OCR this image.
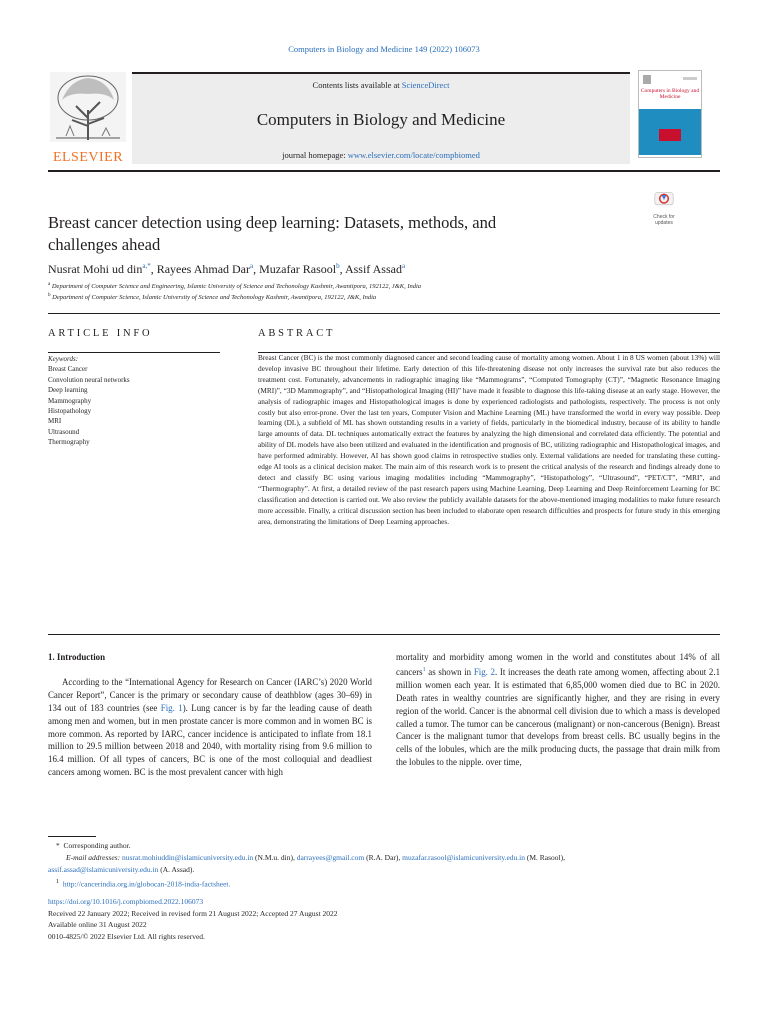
Computers in Biology and Medicine 149 (2022) 106073
ELSEVIER
Contents lists available at ScienceDirect
Computers in Biology and Medicine
journal homepage: www.elsevier.com/locate/compbiomed
Computers in Biology and Medicine
Breast cancer detection using deep learning: Datasets, methods, and
challenges ahead
Check for updates
Nusrat Mohi ud din$^{a,*}$, Rayees Ahmad Dar$^a$, Muzafar Rasool$^b$, Assif Assad$^a$
$^a$ Department of Computer Science and Engineering, Islamic University of Science and Techonology Kashmir, Awantipora, 192122, J&K, India
$^b$ Department of Computer Science, Islamic University of Science and Techonology Kashmir, Awantipora, 192122, J&K, India
ARTICLE INFO	ABSTRACT
Keywords:
Breast Cancer
Convolution neural networks
Deep learning
Mammography
Histopathology
MRI
Ultrasound
Thermography
Breast Cancer (BC) is the most commonly diagnosed cancer and second leading cause of mortality among women. About 1 in 8 US women (about 13%) will develop invasive BC throughout their lifetime. Early detection of this life-threatening disease not only increases the survival rate but also reduces the treatment cost. Fortunately, advancements in radiographic imaging like “Mammograms”, “Computed Tomography (CT)”, “Magnetic Resonance Imaging (MRI)”, “3D Mammography”, and “Histopathological Imaging (HI)” have made it feasible to diagnose this life-taking disease at an early stage. However, the analysis of radiographic images and Histopathological images is done by experienced radiologists and pathologists, respectively. The process is not only costly but also error-prone. Over the last ten years, Computer Vision and Machine Learning (ML) have transformed the world in every way possible. Deep learning (DL), a subfield of ML has shown outstanding results in a variety of fields, particularly in the biomedical industry, because of its ability to handle large amounts of data. DL techniques automatically extract the features by analyzing the high dimensional and correlated data efficiently. The potential and ability of DL models have also been utilized and evaluated in the identification and prognosis of BC, utilizing radiographic and Histopathological images, and have performed admirably. However, AI has shown good claims in retrospective studies only. External validations are needed for translating these cutting-edge AI tools as a clinical decision maker. The main aim of this research work is to present the critical analysis of the research and findings already done to detect and classify BC using various imaging modalities including “Mammography”, “Histopathology”, “Ultrasound”, “PET/CT”, “MRI”, and “Thermography”. At first, a detailed review of the past research papers using Machine Learning, Deep Learning and Deep Reinforcement Learning for BC classification and detection is carried out. We also review the publicly available datasets for the above-mentioned imaging modalities to make future research more accessible. Finally, a critical discussion section has been included to elaborate open research difficulties and prospects for future study in this emerging area, demonstrating the limitations of Deep Learning approaches.
1. Introduction

According to the “International Agency for Research on Cancer (IARC’s) 2020 World Cancer Report”, Cancer is the primary or secondary cause of deathblow (ages 30–69) in 134 out of 183 countries (see Fig. 1). Lung cancer is by far the leading cause of death among men and women, but in men prostate cancer is more common and in women BC is more common. As reported by IARC, cancer incidence is anticipated to inflate from 18.1 million to 29.5 million between 2018 and 2040, with mortality rising from 9.6 million to 16.4 million. Of all types of cancers, BC is one of the most colloquial and deadliest cancers among women. BC is the most prevalent cancer with high

mortality and morbidity among women in the world and constitutes about 14% of all cancers$^1$ as shown in Fig. 2. It increases the death rate among women, affecting about 2.1 million women each year. It is estimated that 6,85,000 women died due to BC in 2020. Death rates in wealthy countries are significantly higher, and they are rising in every region of the world. Cancer is the abnormal cell division due to which a mass is developed called a tumor. The tumor can be cancerous (malignant) or non-cancerous (Benign). Breast Cancer is the malignant tumor that develops from breast cells. BC usually begins in the cells of the lobules, which are the milk producing ducts, the passage that drain milk from the lobules to the nipple. over time,

* Corresponding author.
E-mail addresses: nusrat.mohiuddin@islamicuniversity.edu.in (N.M.u. din), darrayees@gmail.com (R.A. Dar), muzafar.rasool@islamicuniversity.edu.in (M. Rasool),
assif.assad@islamicuniversity.edu.in (A. Assad).
$^1$ http://cancerindia.org.in/globocan-2018-india-factsheet.
https://doi.org/10.1016/j.compbiomed.2022.106073
Received 22 January 2022; Received in revised form 21 August 2022; Accepted 27 August 2022
Available online 31 August 2022
0010-4825/© 2022 Elsevier Ltd. All rights reserved.
